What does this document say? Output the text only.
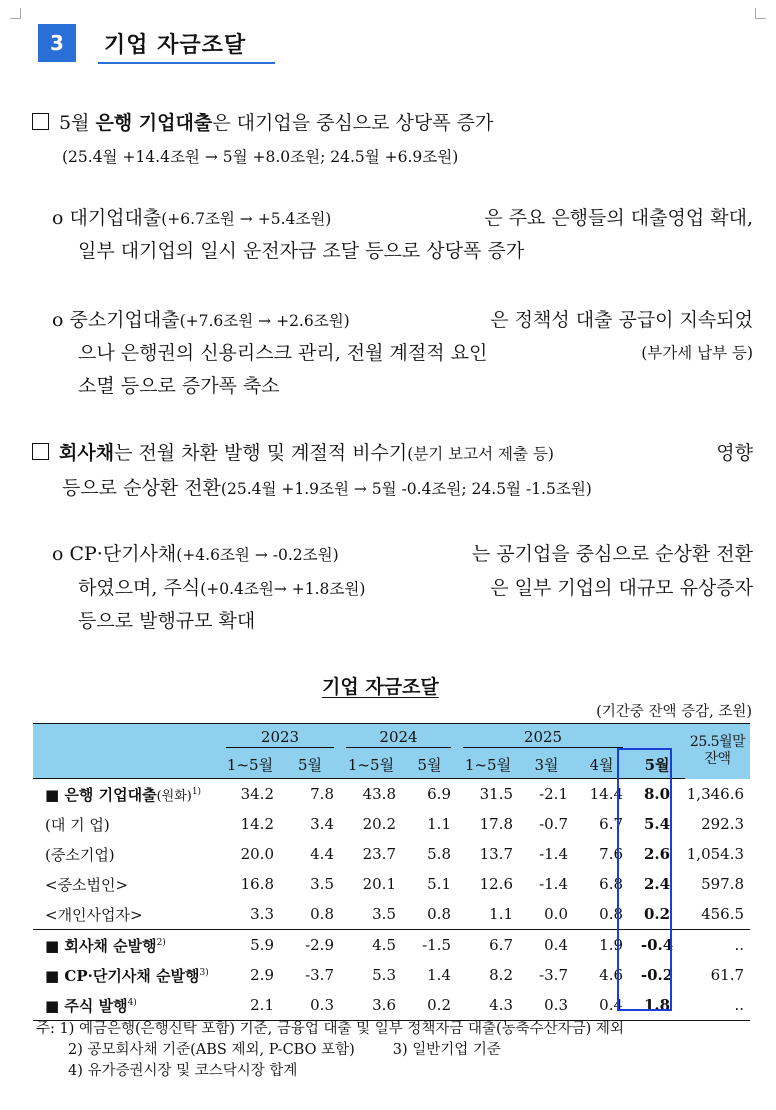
3	기업 자금조달
5월 은행 기업대출은 대기업을 중심으로 상당폭 증가
(25.4월 +14.4조원 → 5월 +8.0조원; 24.5월 +6.9조원)
o 대기업대출(+6.7조원 → +5.4조원)	은 주요 은행들의 대출영업 확대,
일부 대기업의 일시 운전자금 조달 등으로 상당폭 증가
o 중소기업대출(+7.6조원 → +2.6조원)	은 정책성 대출 공급이 지속되었
으나 은행권의 신용리스크 관리, 전월 계절적 요인	(부가세 납부 등)
소멸 등으로 증가폭 축소
회사채는 전월 차환 발행 및 계절적 비수기(분기 보고서 제출 등)	영향
등으로 순상환 전환(25.4월 +1.9조원 → 5월 -0.4조원; 24.5월 -1.5조원)
o CP·단기사채(+4.6조원 → -0.2조원)	는 공기업을 중심으로 순상환 전환
하였으며, 주식(+0.4조원→ +1.8조원)	은 일부 기업의 대규모 유상증자
등으로 발행규모 확대
기업 자금조달
(기간중 잔액 증감, 조원)

	2023		2024		2025				25.5월말
잔액

	1~5월	5월	1~5월	5월	1~5월	3월	4월	5월	
■ 은행 기업대출(원화)$^{1)}$	34.2	7.8	43.8	6.9	31.5	-2.1	14.4	8.0	1,346.6
(대 기 업)	14.2	3.4	20.2	1.1	17.8	-0.7	6.7	5.4	292.3
(중소기업)	20.0	4.4	23.7	5.8	13.7	-1.4	7.6	2.6	1,054.3
<중소법인>	16.8	3.5	20.1	5.1	12.6	-1.4	6.8	2.4	597.8
<개인사업자>	3.3	0.8	3.5	0.8	1.1	0.0	0.8	0.2	456.5
■ 회사채 순발행$^{2)}$	5.9	-2.9	4.5	-1.5	6.7	0.4	1.9	-0.4	..
■ CP·단기사채 순발행$^{3)}$	2.9	-3.7	5.3	1.4	8.2	-3.7	4.6	-0.2	61.7
■ 주식 발행$^{4)}$	2.1	0.3	3.6	0.2	4.3	0.3	0.4	1.8	..
주: 1) 예금은행(은행신탁 포함) 기준, 금융업 대출 및 일부 정책자금 대출(농축수산자금) 제외
2) 공모회사채 기준(ABS 제외, P-CBO 포함)	3) 일반기업 기준
4) 유가증권시장 및 코스닥시장 합계
